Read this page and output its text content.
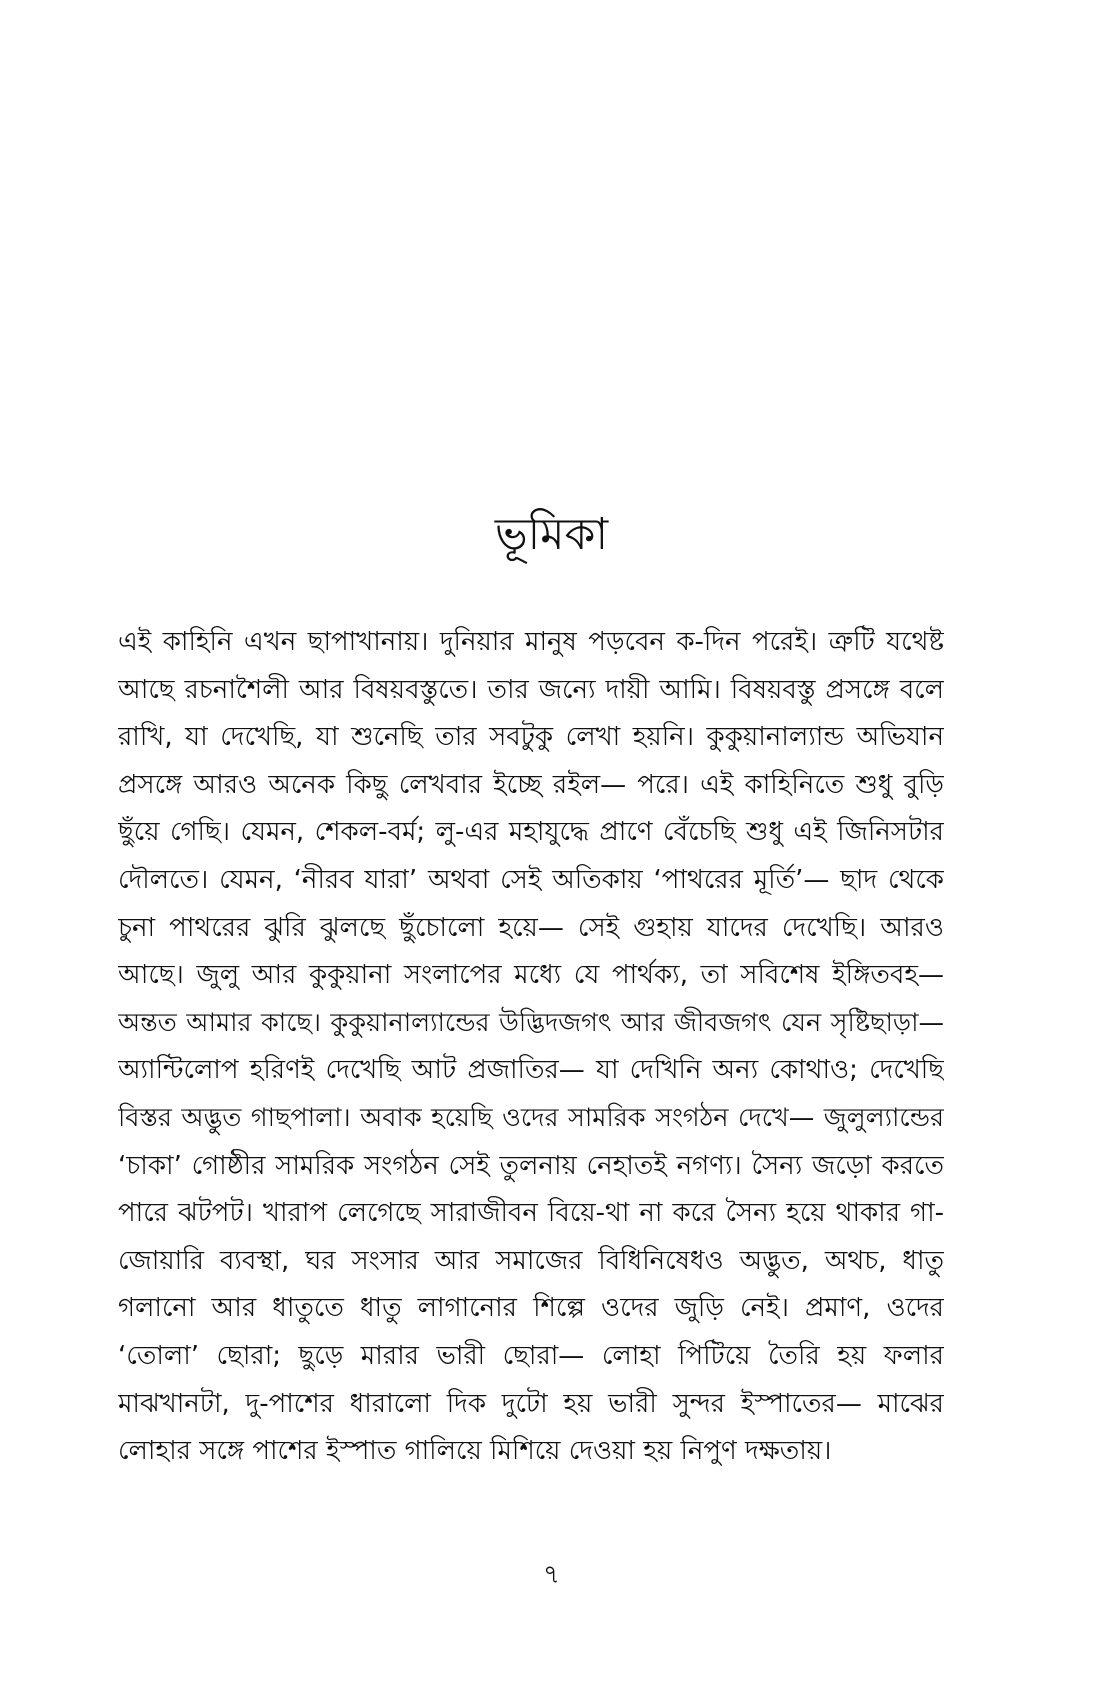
ভূমিকা
এই কাহিনি এখন ছাপাখানায়। দুনিয়ার মানুষ পড়বেন ক-দিন পরেই। ত্রুটি যথেষ্ট
আছে রচনাশৈলী আর বিষয়বস্তুতে। তার জন্যে দায়ী আমি। বিষয়বস্তু প্রসঙ্গে বলে
রাখি, যা দেখেছি, যা শুনেছি তার সবটুকু লেখা হয়নি। কুকুয়ানাল্যান্ড অভিযান
প্রসঙ্গে আরও অনেক কিছু লেখবার ইচ্ছে রইল— পরে। এই কাহিনিতে শুধু বুড়ি
ছুঁয়ে গেছি। যেমন, শেকল-বর্ম; লু-এর মহাযুদ্ধে প্রাণে বেঁচেছি শুধু এই জিনিসটার
দৌলতে। যেমন, ‘নীরব যারা’ অথবা সেই অতিকায় ‘পাথরের মূর্তি’— ছাদ থেকে
চুনা পাথরের ঝুরি ঝুলছে ছুঁচোলো হয়ে— সেই গুহায় যাদের দেখেছি। আরও
আছে। জুলু আর কুকুয়ানা সংলাপের মধ্যে যে পার্থক্য, তা সবিশেষ ইঙ্গিতবহ—
অন্তত আমার কাছে। কুকুয়ানাল্যান্ডের উদ্ভিদজগৎ আর জীবজগৎ যেন সৃষ্টিছাড়া—
অ্যান্টিলোপ হরিণই দেখেছি আট প্রজাতির— যা দেখিনি অন্য কোথাও; দেখেছি
বিস্তর অদ্ভুত গাছপালা। অবাক হয়েছি ওদের সামরিক সংগঠন দেখে— জুলুল্যান্ডের
‘চাকা’ গোষ্ঠীর সামরিক সংগঠন সেই তুলনায় নেহাতই নগণ্য। সৈন্য জড়ো করতে
পারে ঝটপট। খারাপ লেগেছে সারাজীবন বিয়ে-থা না করে সৈন্য হয়ে থাকার গা-
জোয়ারি ব্যবস্থা, ঘর সংসার আর সমাজের বিধিনিষেধও অদ্ভুত, অথচ, ধাতু
গলানো আর ধাতুতে ধাতু লাগানোর শিল্পে ওদের জুড়ি নেই। প্রমাণ, ওদের
‘তোলা’ ছোরা; ছুড়ে মারার ভারী ছোরা— লোহা পিটিয়ে তৈরি হয় ফলার
মাঝখানটা, দু-পাশের ধারালো দিক দুটো হয় ভারী সুন্দর ইস্পাতের— মাঝের
লোহার সঙ্গে পাশের ইস্পাত গালিয়ে মিশিয়ে দেওয়া হয় নিপুণ দক্ষতায়।
৭
